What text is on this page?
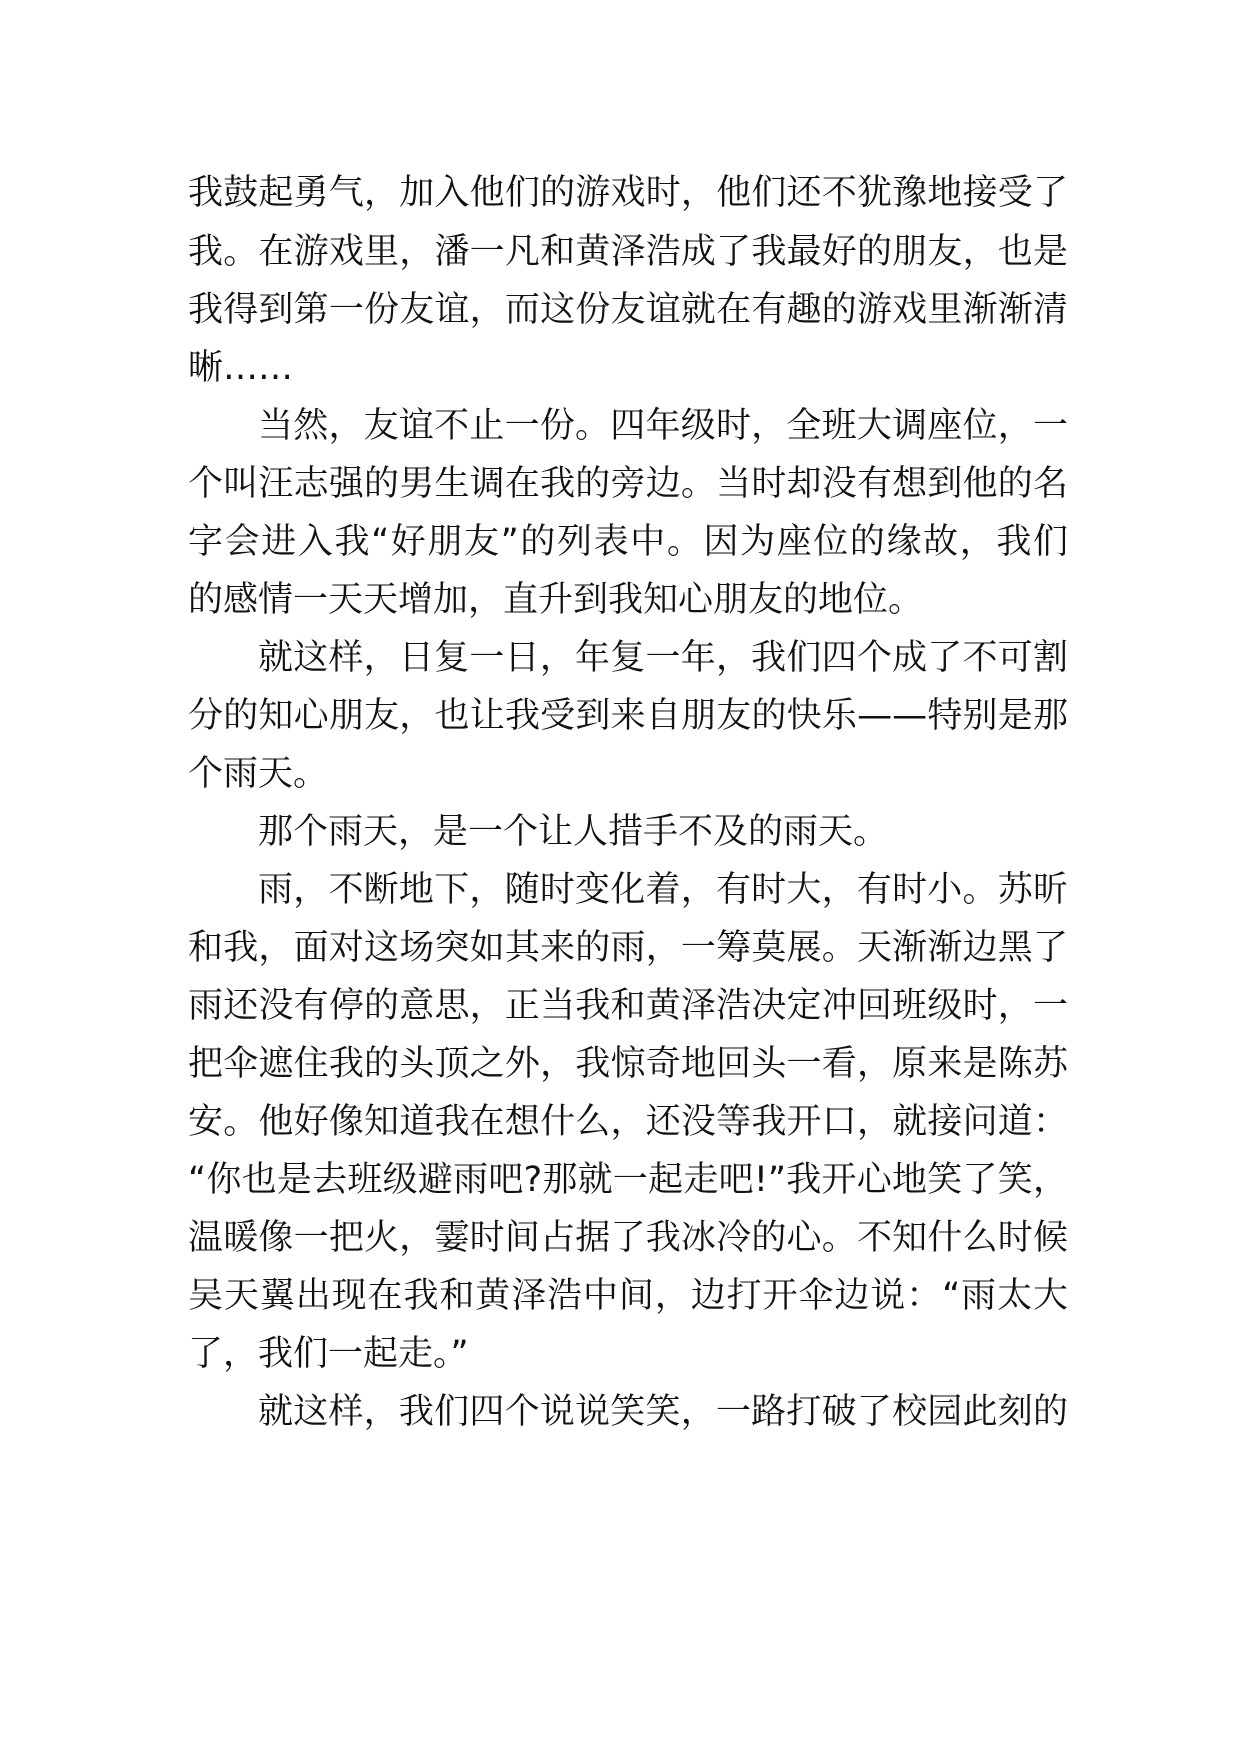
我鼓起勇气，加入他们的游戏时，他们还不犹豫地接受了
我。在游戏里，潘一凡和黄泽浩成了我最好的朋友，也是
我得到第一份友谊，而这份友谊就在有趣的游戏里渐渐清
晰……
当然，友谊不止一份。四年级时，全班大调座位，一
个叫汪志强的男生调在我的旁边。当时却没有想到他的名
字会进入我“好朋友”的列表中。因为座位的缘故，我们
的感情一天天增加，直升到我知心朋友的地位。
就这样，日复一日，年复一年，我们四个成了不可割
分的知心朋友，也让我受到来自朋友的快乐——特别是那
个雨天。
那个雨天，是一个让人措手不及的雨天。
雨，不断地下，随时变化着，有时大，有时小。苏昕
和我，面对这场突如其来的雨，一筹莫展。天渐渐边黑了
雨还没有停的意思，正当我和黄泽浩决定冲回班级时，一
把伞遮住我的头顶之外，我惊奇地回头一看，原来是陈苏
安。他好像知道我在想什么，还没等我开口，就接问道：
“你也是去班级避雨吧?那就一起走吧!”我开心地笑了笑，
温暖像一把火，霎时间占据了我冰冷的心。不知什么时候
吴天翼出现在我和黄泽浩中间，边打开伞边说：“雨太大
了，我们一起走。”
就这样，我们四个说说笑笑，一路打破了校园此刻的
